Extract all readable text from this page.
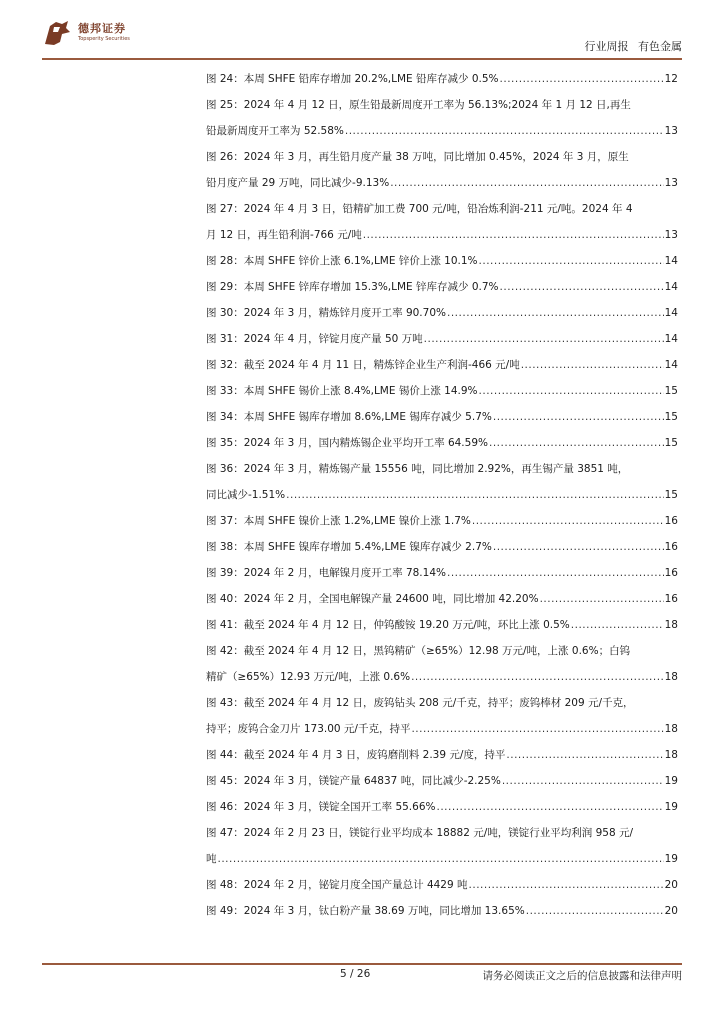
德邦证券
Topsperity Securities
行业周报 有色金属
图 24：本周 SHFE 铅库存增加 20.2%,LME 铅库存减少 0.5% .....	12
图 25：2024 年 4 月 12 日，原生铅最新周度开工率为 56.13%;2024 年 1 月 12 日,再生
铅最新周度开工率为 52.58% .....	13
图 26：2024 年 3 月，再生铅月度产量 38 万吨，同比增加 0.45%，2024 年 3 月，原生
铅月度产量 29 万吨，同比减少-9.13% .....	13
图 27：2024 年 4 月 3 日，铅精矿加工费 700 元/吨，铅冶炼利润-211 元/吨。2024 年 4
月 12 日，再生铅利润-766 元/吨 .....	13
图 28：本周 SHFE 锌价上涨 6.1%,LME 锌价上涨 10.1% .....	14
图 29：本周 SHFE 锌库存增加 15.3%,LME 锌库存减少 0.7% .....	14
图 30：2024 年 3 月，精炼锌月度开工率 90.70% .....	14
图 31：2024 年 4 月，锌锭月度产量 50 万吨 .....	14
图 32：截至 2024 年 4 月 11 日，精炼锌企业生产利润-466 元/吨 .....	14
图 33：本周 SHFE 锡价上涨 8.4%,LME 锡价上涨 14.9% .....	15
图 34：本周 SHFE 锡库存增加 8.6%,LME 锡库存减少 5.7% .....	15
图 35：2024 年 3 月，国内精炼锡企业平均开工率 64.59% .....	15
图 36：2024 年 3 月，精炼锡产量 15556 吨，同比增加 2.92%，再生锡产量 3851 吨，
同比减少-1.51% .....	15
图 37：本周 SHFE 镍价上涨 1.2%,LME 镍价上涨 1.7% .....	16
图 38：本周 SHFE 镍库存增加 5.4%,LME 镍库存减少 2.7% .....	16
图 39：2024 年 2 月，电解镍月度开工率 78.14% .....	16
图 40：2024 年 2 月，全国电解镍产量 24600 吨，同比增加 42.20% .....	16
图 41：截至 2024 年 4 月 12 日，仲钨酸铵 19.20 万元/吨，环比上涨 0.5% .....	18
图 42：截至 2024 年 4 月 12 日，黑钨精矿（≥65%）12.98 万元/吨，上涨 0.6%；白钨
精矿（≥65%）12.93 万元/吨，上涨 0.6% .....	18
图 43：截至 2024 年 4 月 12 日，废钨钻头 208 元/千克，持平；废钨棒材 209 元/千克，
持平；废钨合金刀片 173.00 元/千克，持平 .....	18
图 44：截至 2024 年 4 月 3 日，废钨磨削料 2.39 元/度，持平 .....	18
图 45：2024 年 3 月，镁锭产量 64837 吨，同比减少-2.25% .....	19
图 46：2024 年 3 月，镁锭全国开工率 55.66% .....	19
图 47：2024 年 2 月 23 日，镁锭行业平均成本 18882 元/吨，镁锭行业平均利润 958 元/
吨 .....	19
图 48：2024 年 2 月，铋锭月度全国产量总计 4429 吨 .....	20
图 49：2024 年 3 月，钛白粉产量 38.69 万吨，同比增加 13.65% .....	20
5 / 26	请务必阅读正文之后的信息披露和法律声明
